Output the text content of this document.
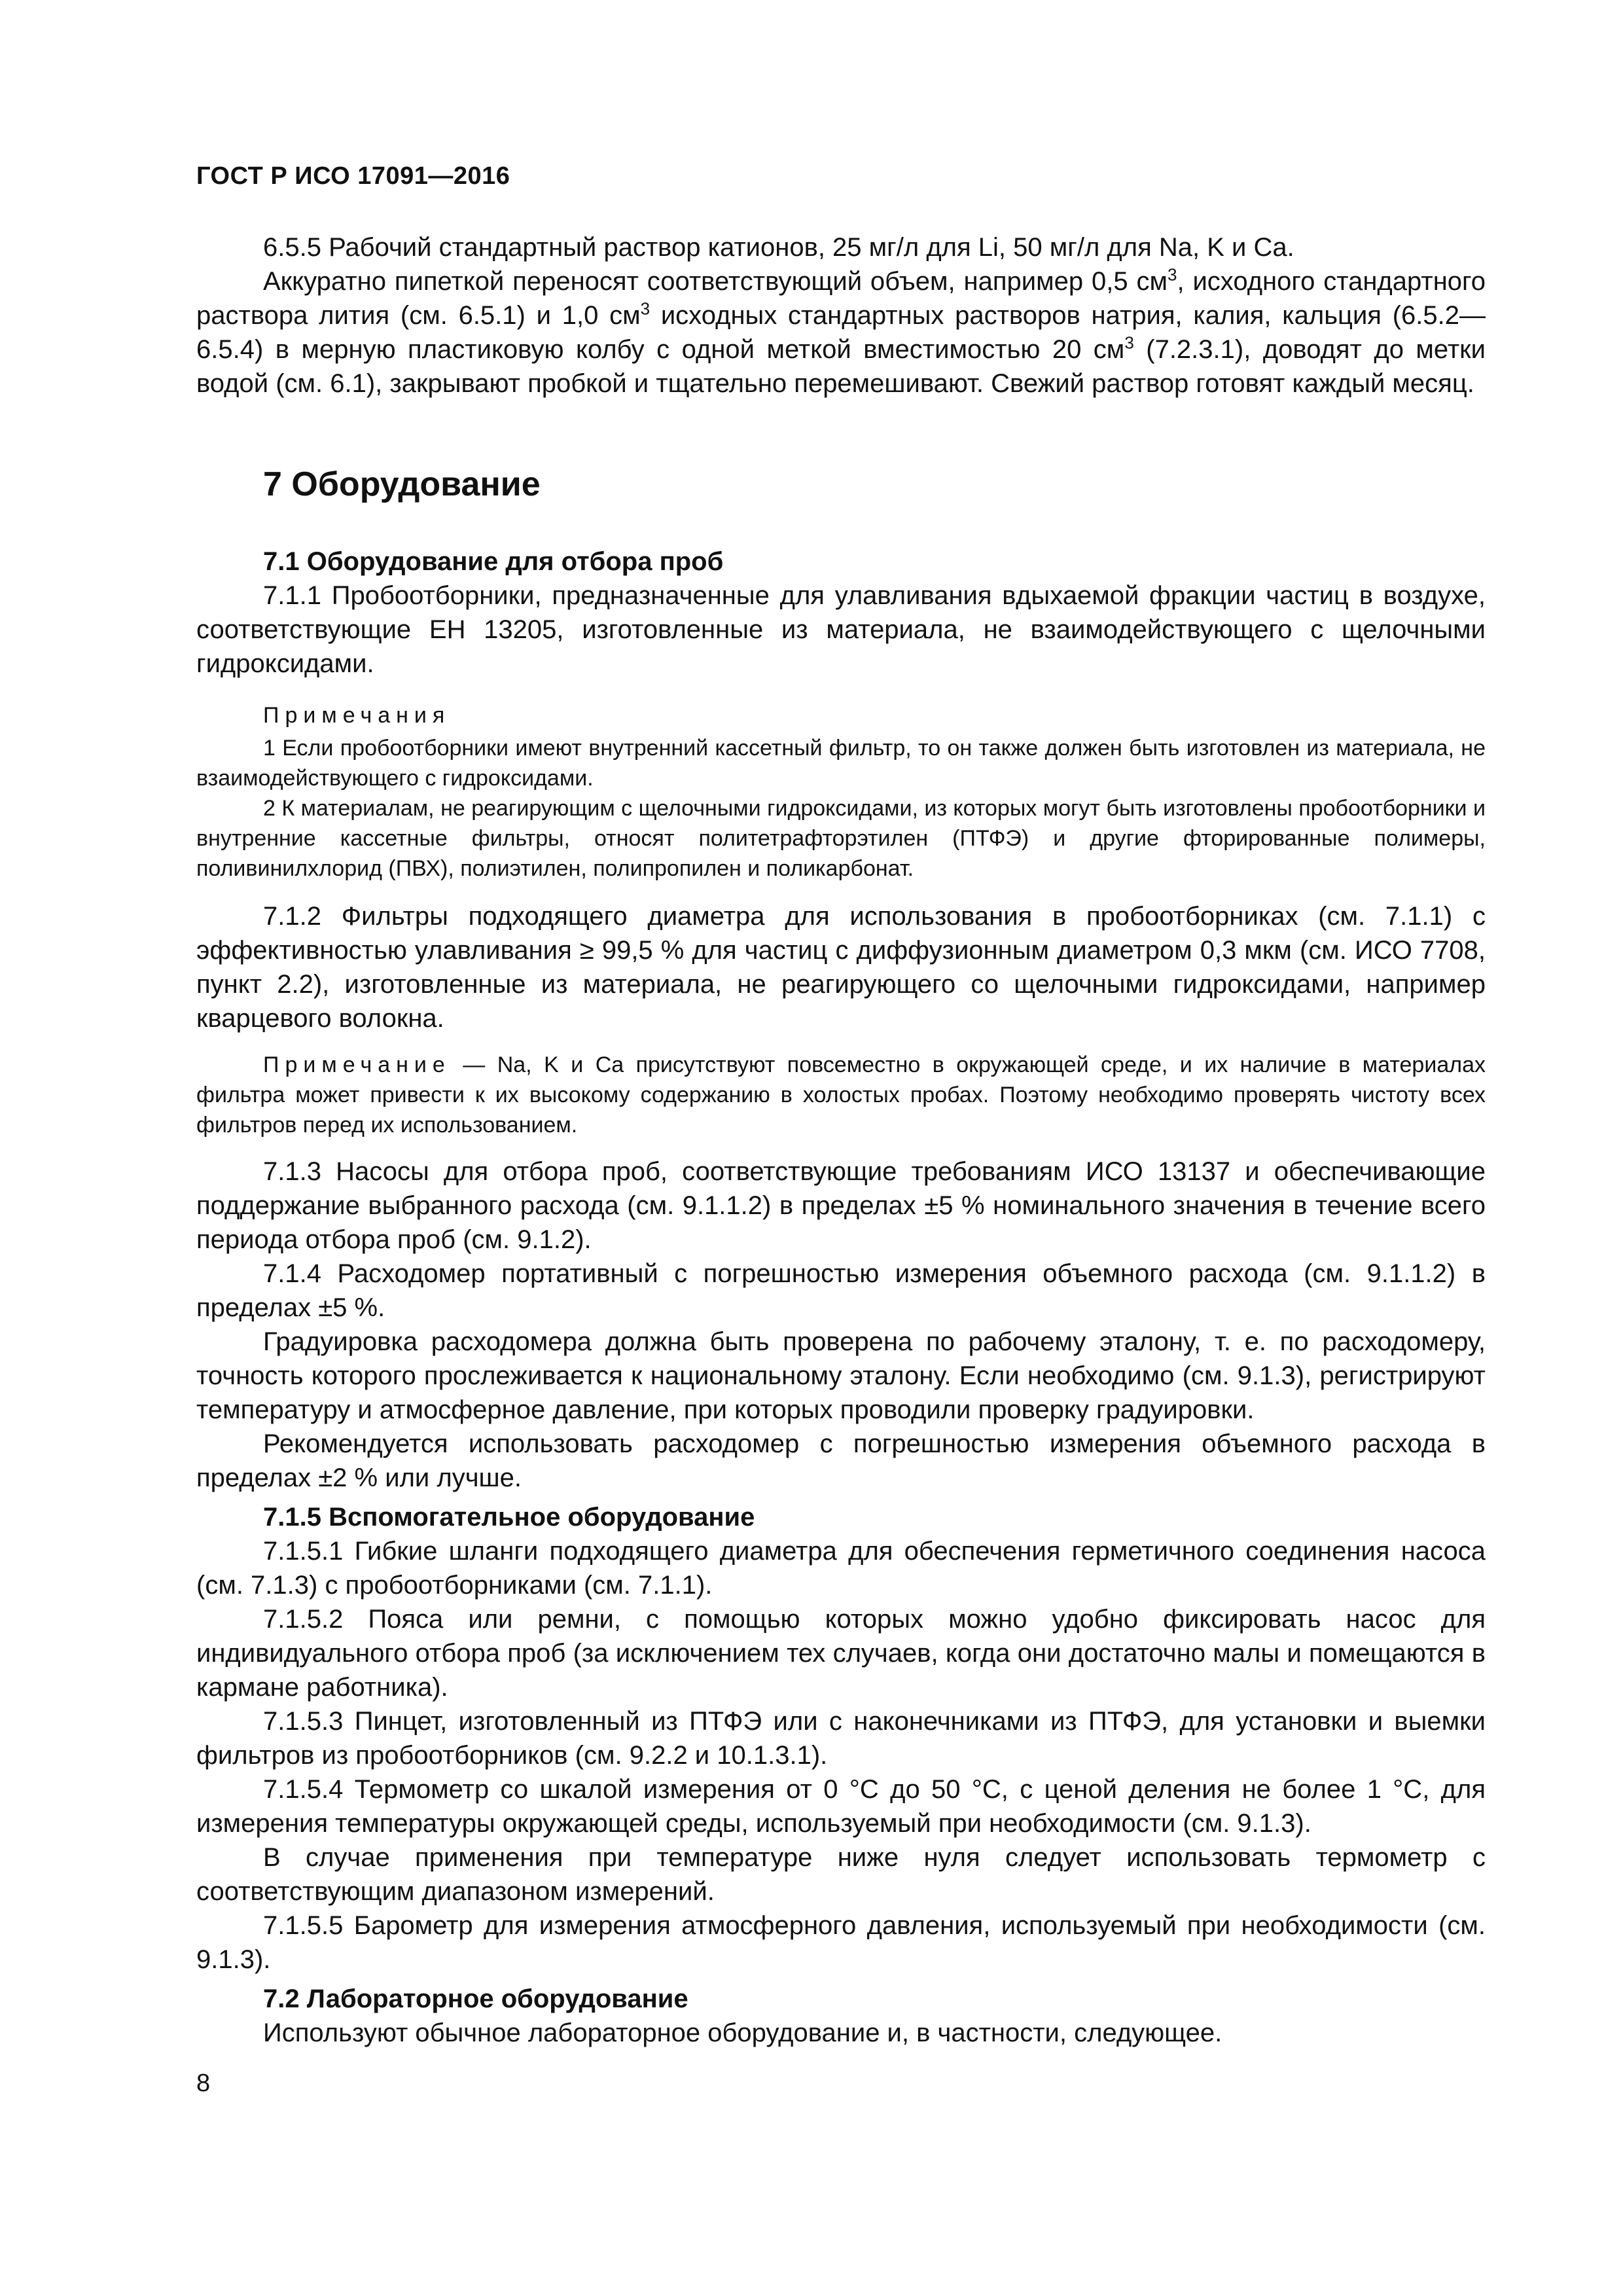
ГОСТ Р ИСО 17091—2016

6.5.5 Рабочий стандартный раствор катионов, 25 мг/л для Li, 50 мг/л для Na, K и Ca.

Аккуратно пипеткой переносят соответствующий объем, например 0,5 $см^3$, исходного стандартного раствора лития (см. 6.5.1) и 1,0 $см^3$ исходных стандартных растворов натрия, калия, кальция (6.5.2—6.5.4) в мерную пластиковую колбу с одной меткой вместимостью 20 $см^3$ (7.2.3.1), доводят до метки водой (см. 6.1), закрывают пробкой и тщательно перемешивают. Свежий раствор готовят каждый месяц.

7 Оборудование
7.1 Оборудование для отбора проб

7.1.1 Пробоотборники, предназначенные для улавливания вдыхаемой фракции частиц в воздухе, соответствующие ЕН 13205, изготовленные из материала, не взаимодействующего с щелочными гидроксидами.

Примечания

1 Если пробоотборники имеют внутренний кассетный фильтр, то он также должен быть изготовлен из материала, не взаимодействующего с гидроксидами.

2 К материалам, не реагирующим с щелочными гидроксидами, из которых могут быть изготовлены пробоотборники и внутренние кассетные фильтры, относят политетрафторэтилен (ПТФЭ) и другие фторированные полимеры, поливинилхлорид (ПВХ), полиэтилен, полипропилен и поликарбонат.

7.1.2 Фильтры подходящего диаметра для использования в пробоотборниках (см. 7.1.1) с эффективностью улавливания ≥ 99,5 % для частиц с диффузионным диаметром 0,3 мкм (см. ИСО 7708, пункт 2.2), изготовленные из материала, не реагирующего со щелочными гидроксидами, например кварцевого волокна.

Примечание — Na, K и Ca присутствуют повсеместно в окружающей среде, и их наличие в материалах фильтра может привести к их высокому содержанию в холостых пробах. Поэтому необходимо проверять чистоту всех фильтров перед их использованием.

7.1.3 Насосы для отбора проб, соответствующие требованиям ИСО 13137 и обеспечивающие поддержание выбранного расхода (см. 9.1.1.2) в пределах ±5 % номинального значения в течение всего периода отбора проб (см. 9.1.2).

7.1.4 Расходомер портативный с погрешностью измерения объемного расхода (см. 9.1.1.2) в пределах ±5 %.

Градуировка расходомера должна быть проверена по рабочему эталону, т. е. по расходомеру, точность которого прослеживается к национальному эталону. Если необходимо (см. 9.1.3), регистрируют температуру и атмосферное давление, при которых проводили проверку градуировки.

Рекомендуется использовать расходомер с погрешностью измерения объемного расхода в пределах ±2 % или лучше.

7.1.5 Вспомогательное оборудование

7.1.5.1 Гибкие шланги подходящего диаметра для обеспечения герметичного соединения насоса (см. 7.1.3) с пробоотборниками (см. 7.1.1).

7.1.5.2 Пояса или ремни, с помощью которых можно удобно фиксировать насос для индивидуального отбора проб (за исключением тех случаев, когда они достаточно малы и помещаются в кармане работника).

7.1.5.3 Пинцет, изготовленный из ПТФЭ или с наконечниками из ПТФЭ, для установки и выемки фильтров из пробоотборников (см. 9.2.2 и 10.1.3.1).

7.1.5.4 Термометр со шкалой измерения от 0 °C до 50 °C, с ценой деления не более 1 °C, для измерения температуры окружающей среды, используемый при необходимости (см. 9.1.3).

В случае применения при температуре ниже нуля следует использовать термометр с соответствующим диапазоном измерений.

7.1.5.5 Барометр для измерения атмосферного давления, используемый при необходимости (см. 9.1.3).

7.2 Лабораторное оборудование

Используют обычное лабораторное оборудование и, в частности, следующее.

8
